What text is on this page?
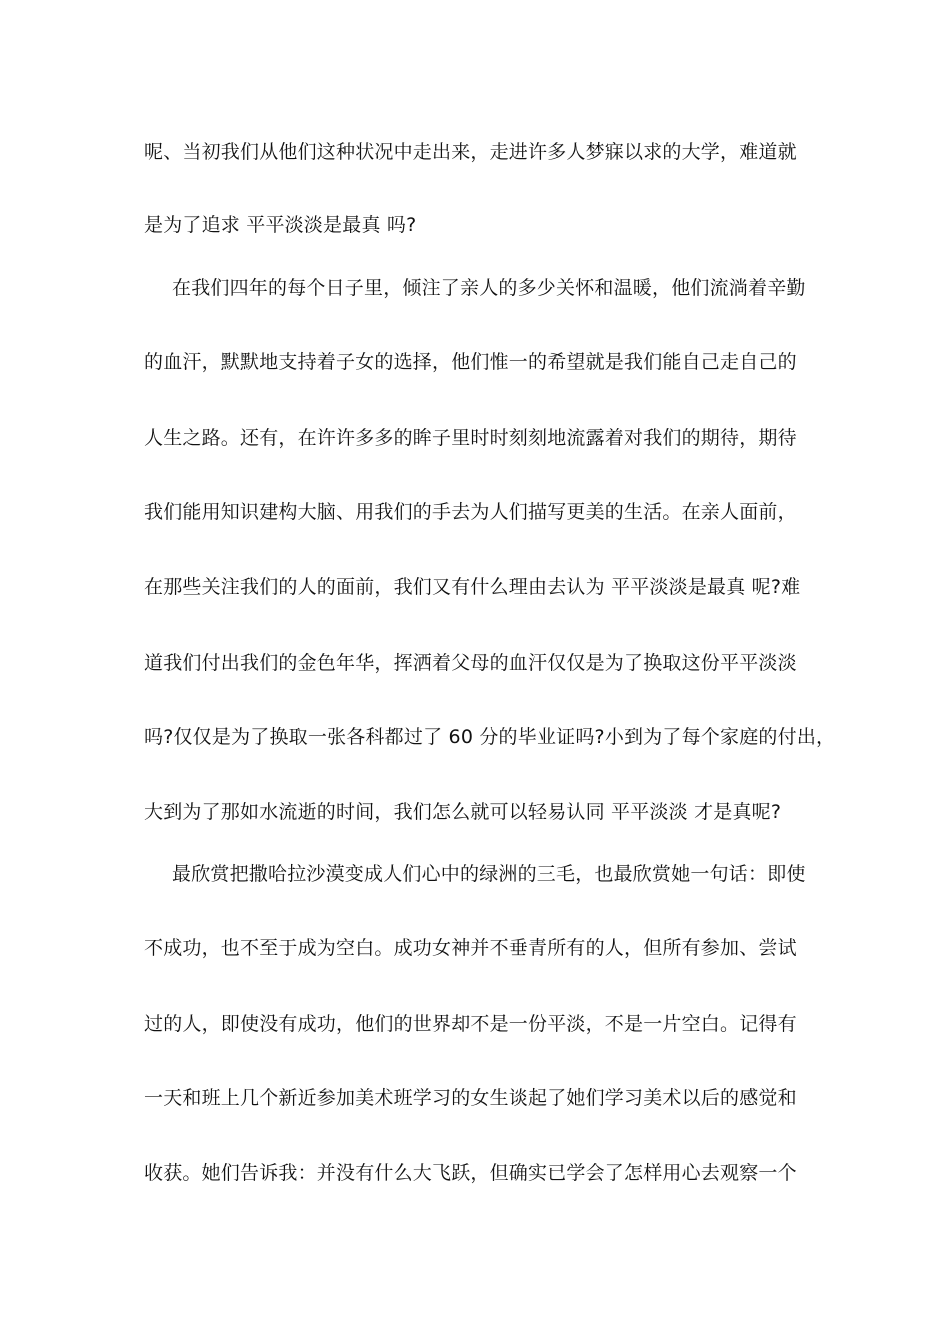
呢、当初我们从他们这种状况中走出来，走进许多人梦寐以求的大学，难道就
是为了追求 平平淡淡是最真 吗?
在我们四年的每个日子里，倾注了亲人的多少关怀和温暖，他们流淌着辛勤
的血汗，默默地支持着子女的选择，他们惟一的希望就是我们能自己走自己的
人生之路。还有，在许许多多的眸子里时时刻刻地流露着对我们的期待，期待
我们能用知识建构大脑、用我们的手去为人们描写更美的生活。在亲人面前，
在那些关注我们的人的面前，我们又有什么理由去认为 平平淡淡是最真 呢?难
道我们付出我们的金色年华，挥洒着父母的血汗仅仅是为了换取这份平平淡淡
吗?仅仅是为了换取一张各科都过了 60 分的毕业证吗?小到为了每个家庭的付出，
大到为了那如水流逝的时间，我们怎么就可以轻易认同 平平淡淡 才是真呢?
最欣赏把撒哈拉沙漠变成人们心中的绿洲的三毛，也最欣赏她一句话：即使
不成功，也不至于成为空白。成功女神并不垂青所有的人，但所有参加、尝试
过的人，即使没有成功，他们的世界却不是一份平淡，不是一片空白。记得有
一天和班上几个新近参加美术班学习的女生谈起了她们学习美术以后的感觉和
收获。她们告诉我：并没有什么大飞跃，但确实已学会了怎样用心去观察一个
